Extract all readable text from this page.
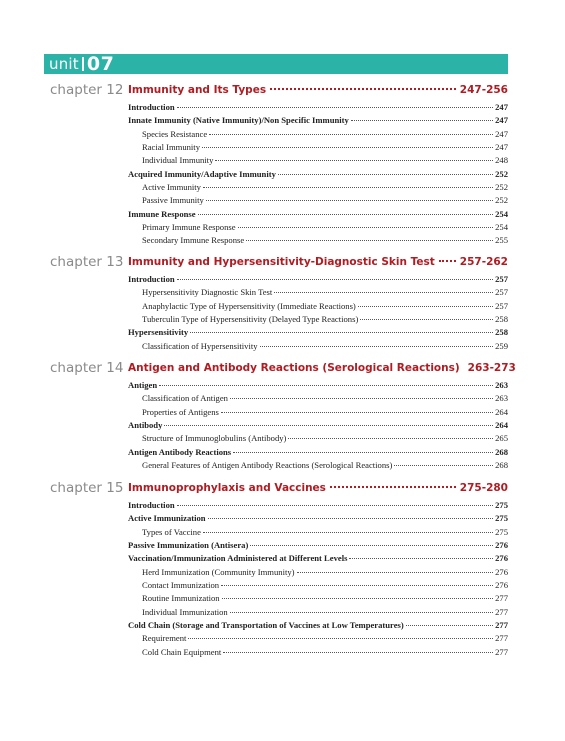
unit 07
chapter 12 Immunity and Its Types	247-256
Introduction	247
Innate Immunity (Native Immunity)/Non Specific Immunity	247
Species Resistance	247
Racial Immunity	247
Individual Immunity	248
Acquired Immunity/Adaptive Immunity	252
Active Immunity	252
Passive Immunity	252
Immune Response	254
Primary Immune Response	254
Secondary Immune Response	255
chapter 13 Immunity and Hypersensitivity-Diagnostic Skin Test 257-262
Introduction	257
Hypersensitivity Diagnostic Skin Test	257
Anaphylactic Type of Hypersensitivity (Immediate Reactions)	257
Tuberculin Type of Hypersensitivity (Delayed Type Reactions)	258
Hypersensitivity	258
Classification of Hypersensitivity	259
chapter 14 Antigen and Antibody Reactions (Serological Reactions) 263-273
Antigen	263
Classification of Antigen	263
Properties of Antigens	264
Antibody	264
Structure of Immunoglobulins (Antibody)	265
Antigen Antibody Reactions	268
General Features of Antigen Antibody Reactions (Serological Reactions)	268
chapter 15 Immunoprophylaxis and Vaccines	275-280
Introduction	275
Active Immunization	275
Types of Vaccine	275
Passive Immunization (Antisera)	276
Vaccination/Immunization Administered at Different Levels	276
Herd Immunization (Community Immunity)	276
Contact Immunization	276
Routine Immunization	277
Individual Immunization	277
Cold Chain (Storage and Transportation of Vaccines at Low Temperatures)	277
Requirement	277
Cold Chain Equipment	277
